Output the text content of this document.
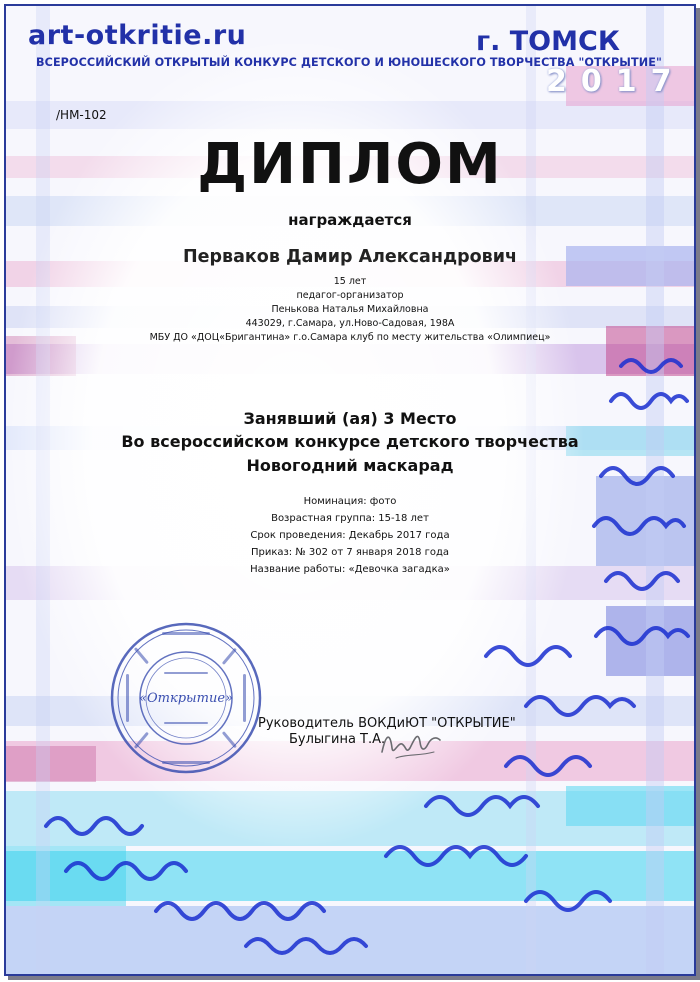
art-otkritie.ru	г. ТОМСК
ВСЕРОССИЙСКИЙ ОТКРЫТЫЙ КОНКУРС ДЕТСКОГО И ЮНОШЕСКОГО ТВОРЧЕСТВА "ОТКРЫТИЕ"
2017
/НМ-102
ДИПЛОМ
награждается
Перваков Дамир Александрович
15 лет
педагог-организатор
Пенькова Наталья Михайловна
443029, г.Самара, ул.Ново-Садовая, 198А
МБУ ДО «ДОЦ«Бригантина» г.о.Самара клуб по месту жительства «Олимпиец»
Занявший (ая) 3 Место
Во всероссийском конкурсе детского творчества
Новогодний маскарад
Номинация: фото
Возрастная группа: 15-18 лет
Срок проведения: Декабрь 2017 года
Приказ: № 302 от 7 января 2018 года
Название работы: «Девочка загадка»
«Открытие»
Руководитель ВОКДиЮТ "ОТКРЫТИЕ"
Булыгина Т.А.
